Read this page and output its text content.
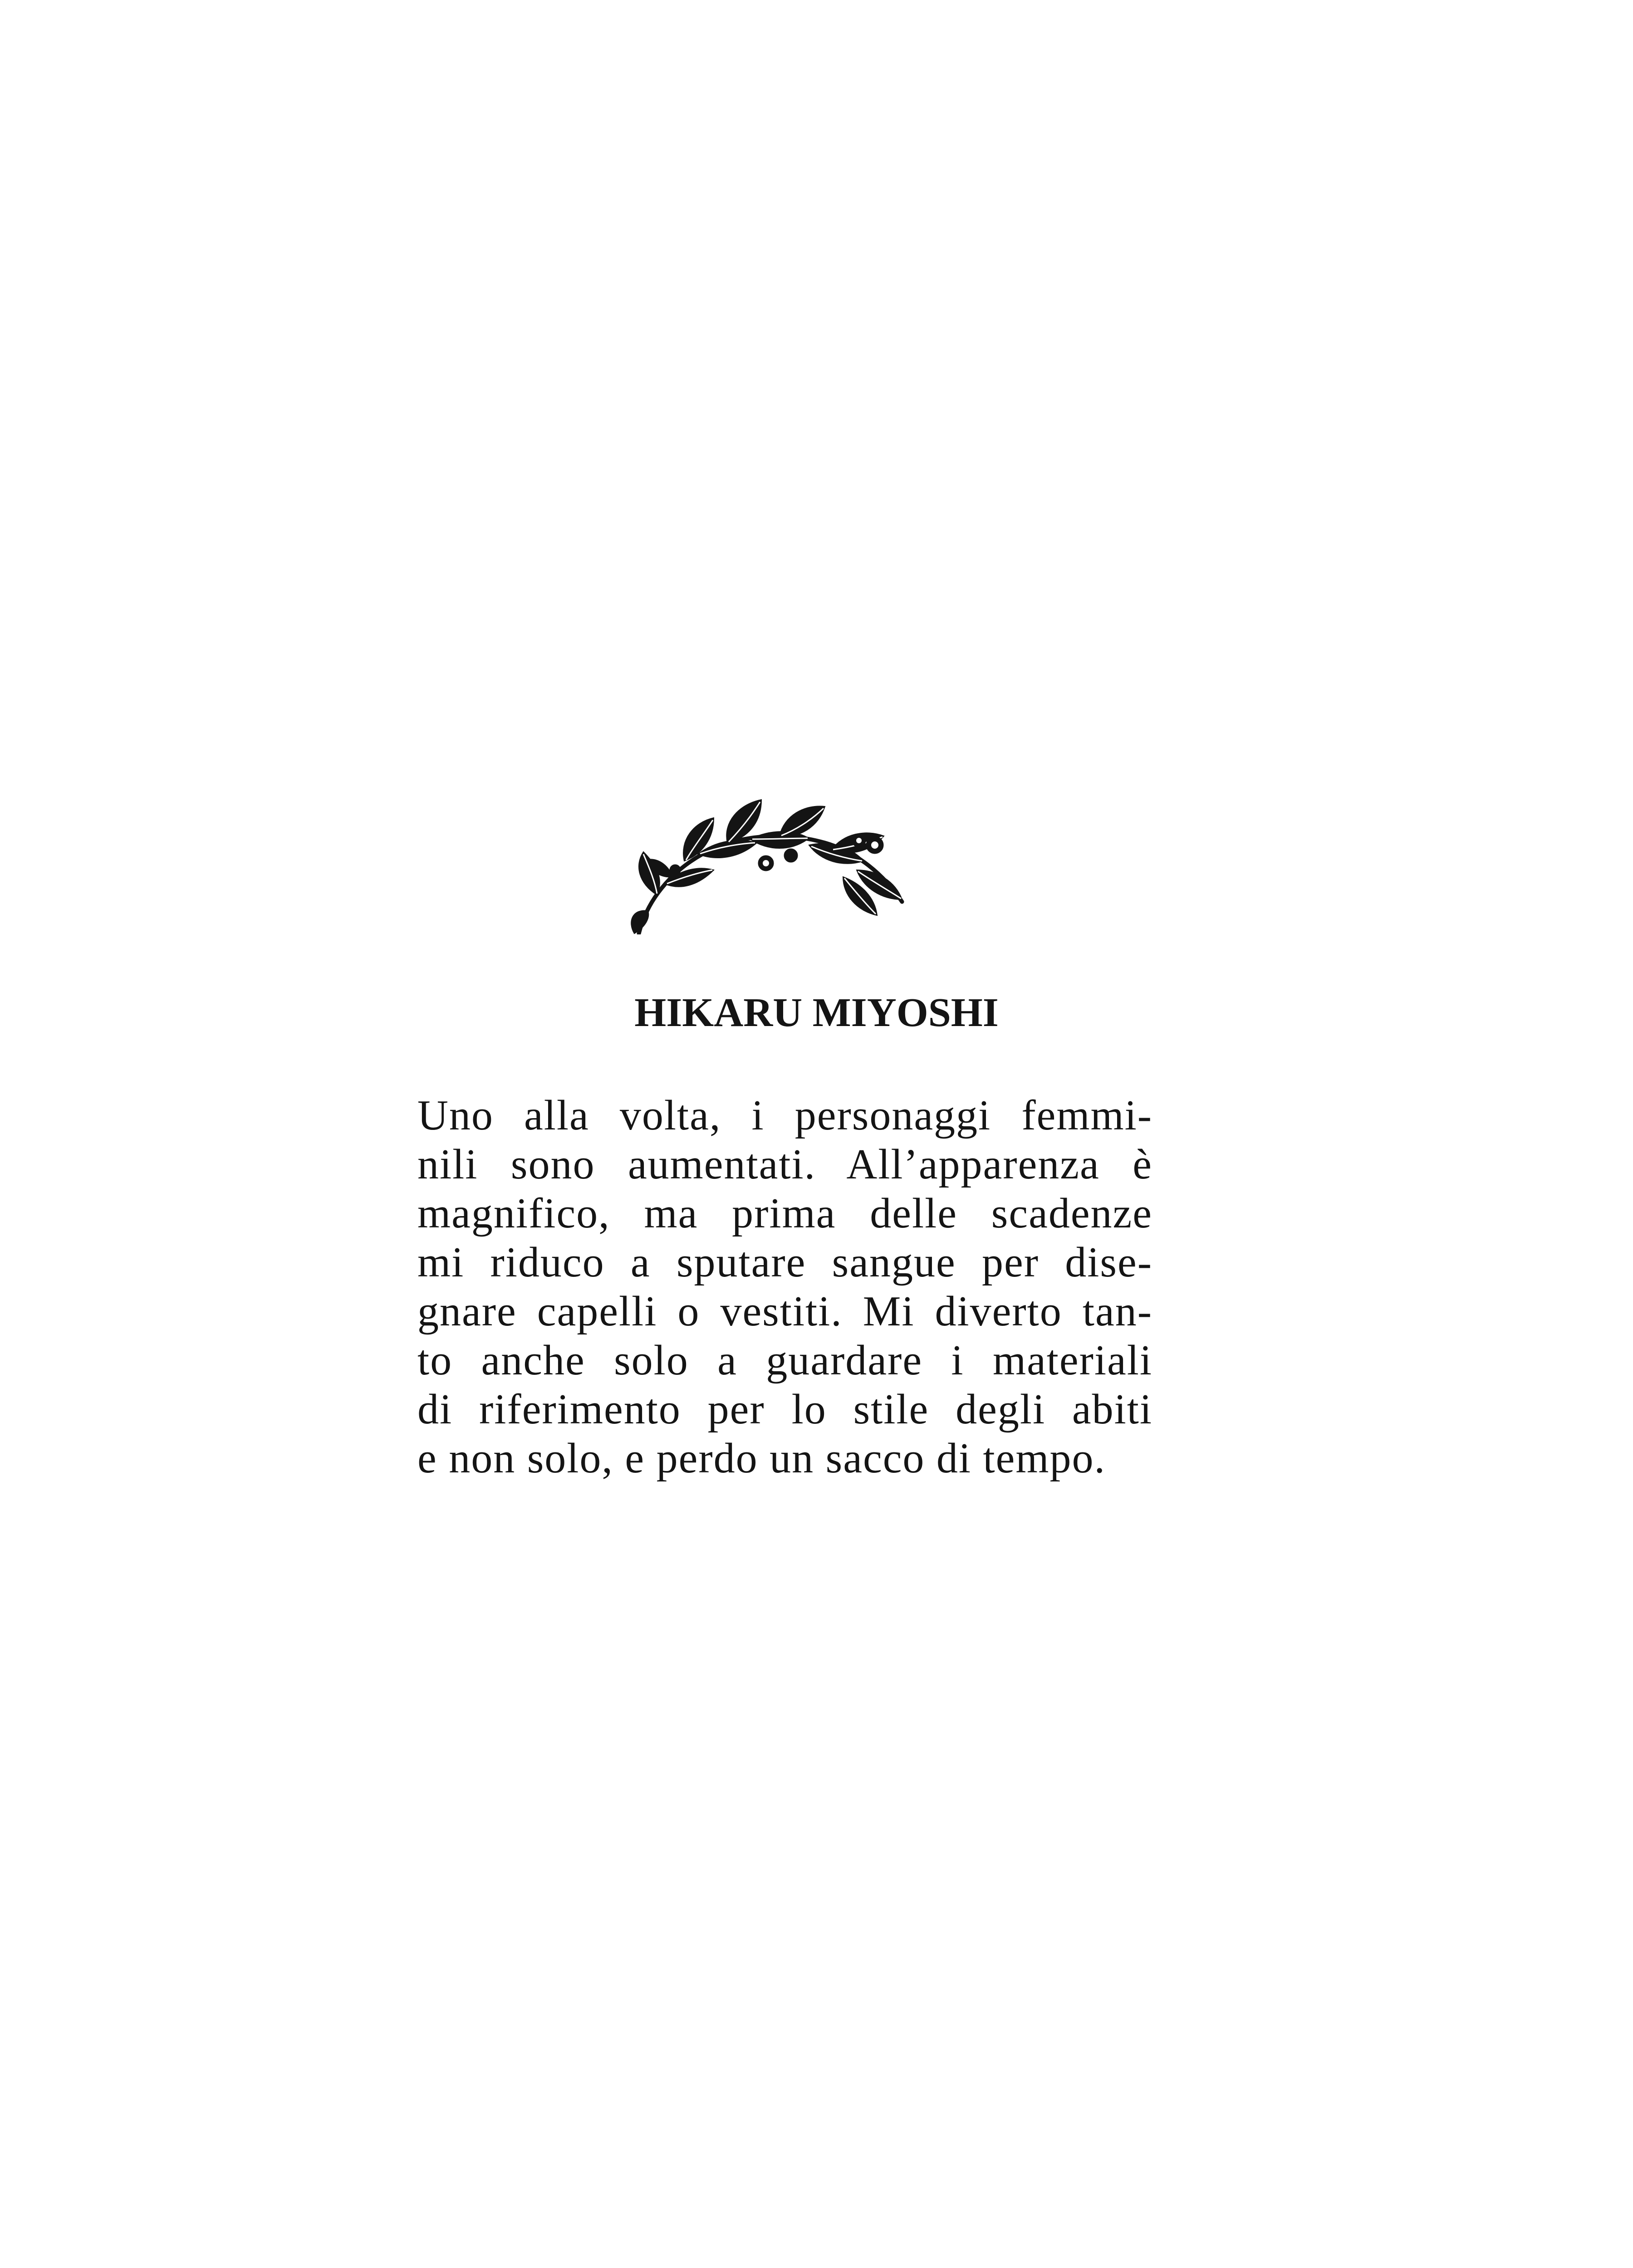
HIKARU MIYOSHI

Uno alla volta, i personaggi femmi-
nili sono aumentati. All’apparenza è
magnifico, ma prima delle scadenze
mi riduco a sputare sangue per dise-
gnare capelli o vestiti. Mi diverto tan-
to anche solo a guardare i materiali
di riferimento per lo stile degli abiti
e non solo, e perdo un sacco di tempo.
